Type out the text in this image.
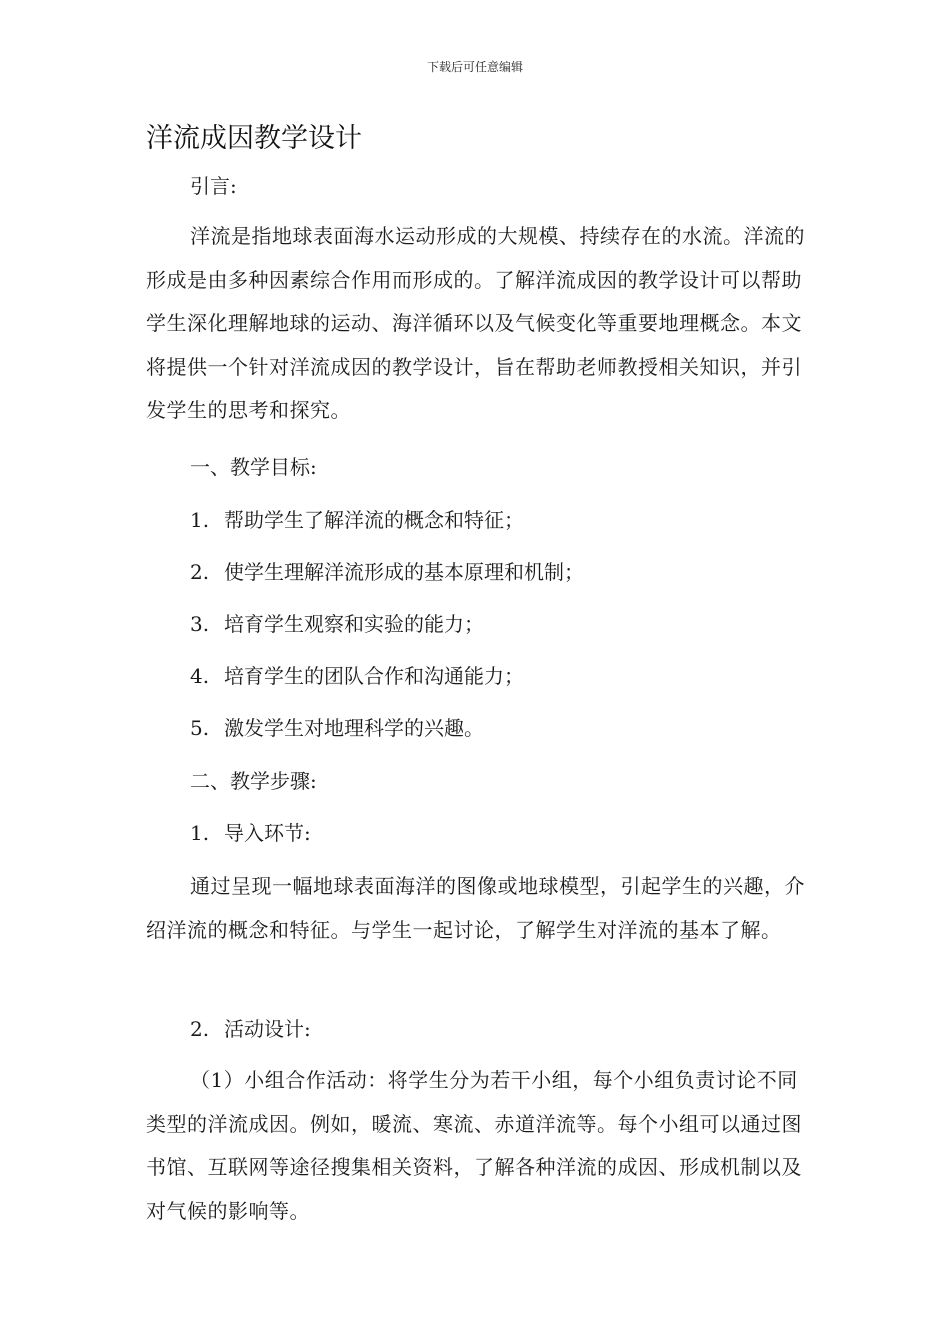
下载后可任意编辑
洋流成因教学设计
引言:

洋流是指地球表面海水运动形成的大规模、持续存在的水流。洋流的形成是由多种因素综合作用而形成的。了解洋流成因的教学设计可以帮助学生深化理解地球的运动、海洋循环以及气候变化等重要地理概念。本文将提供一个针对洋流成因的教学设计，旨在帮助老师教授相关知识，并引发学生的思考和探究。

一、教学目标:
1. 帮助学生了解洋流的概念和特征；
2. 使学生理解洋流形成的基本原理和机制；
3. 培育学生观察和实验的能力；
4. 培育学生的团队合作和沟通能力；
5. 激发学生对地理科学的兴趣。
二、教学步骤:
1. 导入环节:

通过呈现一幅地球表面海洋的图像或地球模型，引起学生的兴趣，介绍洋流的概念和特征。与学生一起讨论，了解学生对洋流的基本了解。

2. 活动设计:

（1）小组合作活动：将学生分为若干小组，每个小组负责讨论不同类型的洋流成因。例如，暖流、寒流、赤道洋流等。每个小组可以通过图书馆、互联网等途径搜集相关资料，了解各种洋流的成因、形成机制以及对气候的影响等。
